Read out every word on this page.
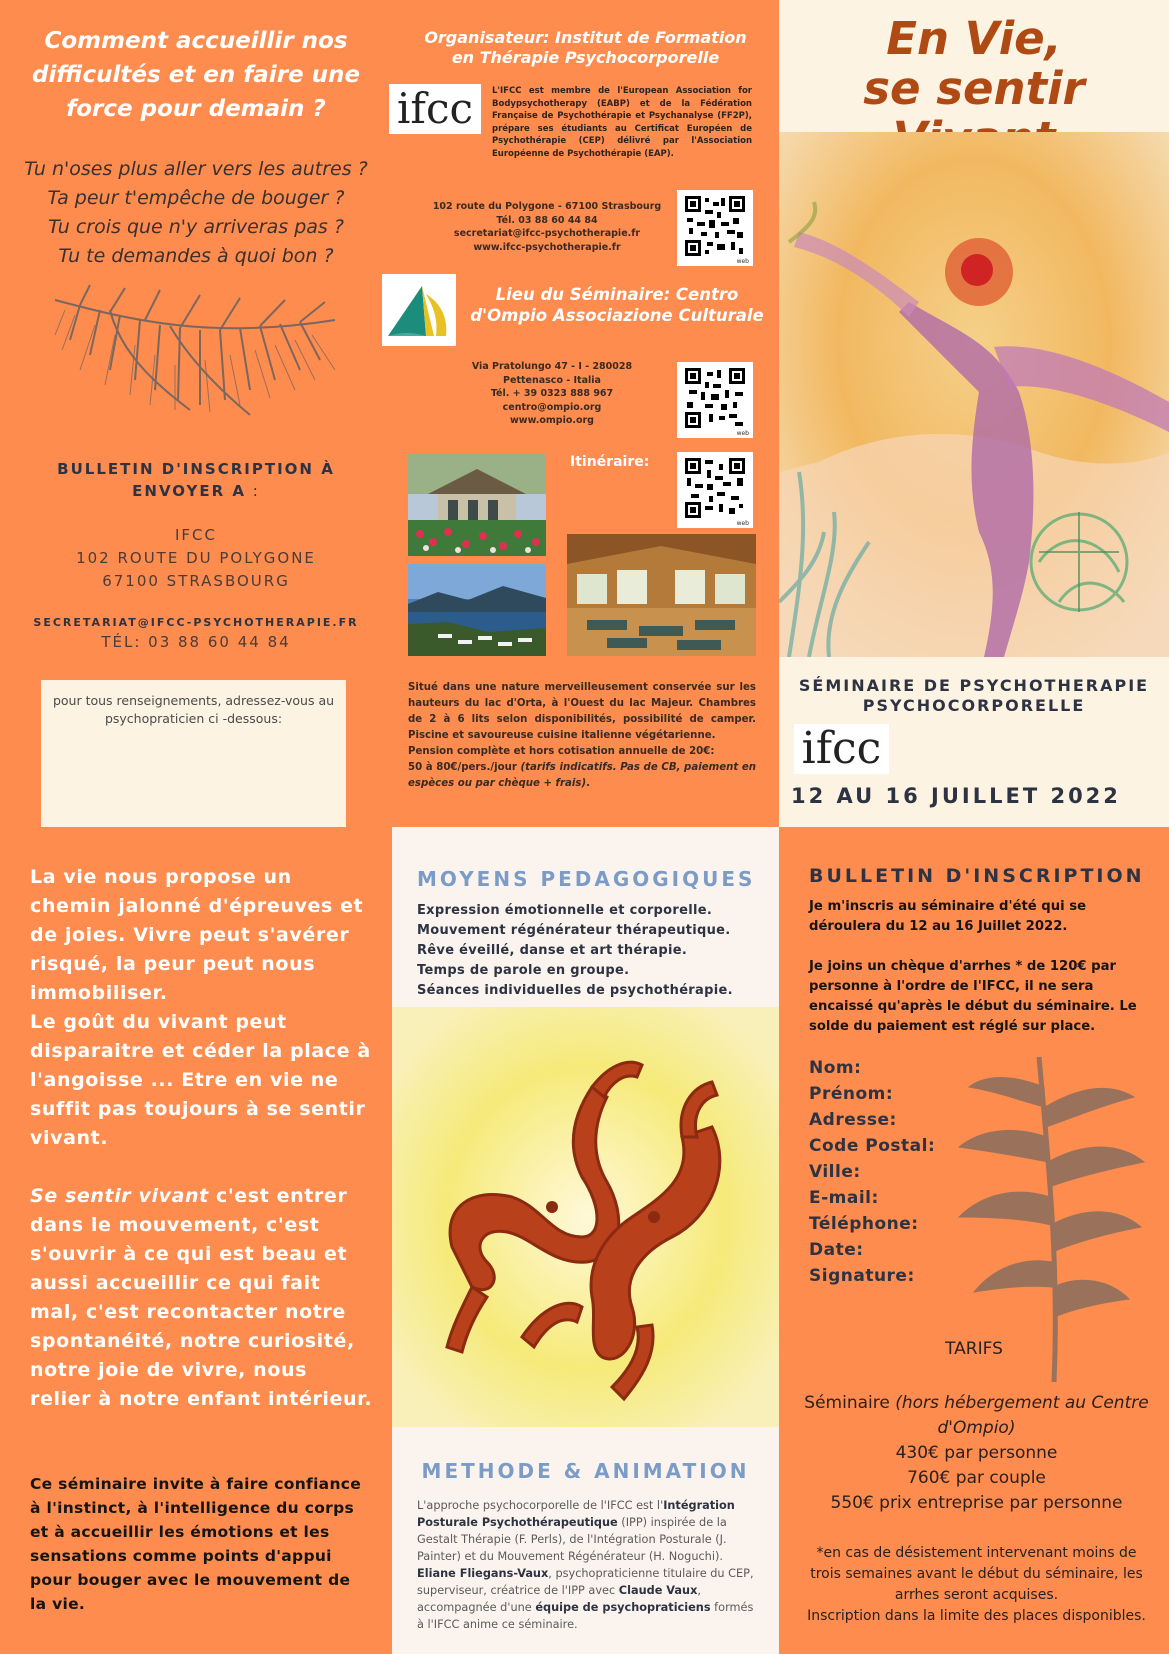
Comment accueillir nos
difficultés et en faire une
force pour demain ?
Tu n'oses plus aller vers les autres ?
Ta peur t'empêche de bouger ?
Tu crois que n'y arriveras pas ?
Tu te demandes à quoi bon ?
BULLETIN D'INSCRIPTION À
ENVOYER A :
IFCC
102 ROUTE DU POLYGONE
67100 STRASBOURG
SECRETARIAT@IFCC-PSYCHOTHERAPIE.FR
TÉL: 03 88 60 44 84
pour tous renseignements, adressez-vous au
psychopraticien ci -dessous:
Organisateur: Institut de Formation
en Thérapie Psychocorporelle
ifcc	L'IFCC est membre de l'European Association for Bodypsychotherapy (EABP) et de la Fédération Française de Psychothérapie et Psychanalyse (FF2P), prépare ses étudiants au Certificat Européen de Psychothérapie (CEP) délivré par l'Association Européenne de Psychothérapie (EAP).
102 route du Polygone - 67100 Strasbourg
Tél. 03 88 60 44 84
secretariat@ifcc-psychotherapie.fr
www.ifcc-psychotherapie.fr
web
Lieu du Séminaire: Centro
d'Ompio Associazione Culturale
Via Pratolungo 47 - I - 280028
Pettenasco - Italia
Tél. + 39 0323 888 967
centro@ompio.org
www.ompio.org
web
Itinéraire:
web
Situé dans une nature merveilleusement conservée sur les hauteurs du lac d'Orta, à l'Ouest du lac Majeur. Chambres de 2 à 6 lits selon disponibilités, possibilité de camper. Piscine et savoureuse cuisine italienne végétarienne.
Pension complète et hors cotisation annuelle de 20€:
50 à 80€/pers./jour (tarifs indicatifs. Pas de CB, paiement en espèces ou par chèque + frais).
En Vie,
se sentir
SÉMINAIRE DE PSYCHOTHERAPIE
PSYCHOCORPORELLE
ifcc
12 AU 16 JUILLET 2022
La vie nous propose un chemin jalonné d'épreuves et de joies. Vivre peut s'avérer risqué, la peur peut nous immobiliser.
Le goût du vivant peut disparaitre et céder la place à l'angoisse ... Etre en vie ne suffit pas toujours à se sentir vivant.
Se sentir vivant c'est entrer dans le mouvement, c'est s'ouvrir à ce qui est beau et aussi accueillir ce qui fait mal, c'est recontacter notre spontanéité, notre curiosité, notre joie de vivre, nous relier à notre enfant intérieur.
Ce séminaire invite à faire confiance à l'instinct, à l'intelligence du corps et à accueillir les émotions et les sensations comme points d'appui pour bouger avec le mouvement de la vie.
MOYENS PEDAGOGIQUES
Expression émotionnelle et corporelle.
Mouvement régénérateur thérapeutique.
Rêve éveillé, danse et art thérapie.
Temps de parole en groupe.
Séances individuelles de psychothérapie.
METHODE & ANIMATION
L'approche psychocorporelle de l'IFCC est l'Intégration Posturale Psychothérapeutique (IPP) inspirée de la Gestalt Thérapie (F. Perls), de l'Intégration Posturale (J. Painter) et du Mouvement Régénérateur (H. Noguchi). Eliane Fliegans-Vaux, psychopraticienne titulaire du CEP, superviseur, créatrice de l'IPP avec Claude Vaux, accompagnée d'une équipe de psychopraticiens formés à l'IFCC anime ce séminaire.
BULLETIN D'INSCRIPTION
Je m'inscris au séminaire d'été qui se déroulera du 12 au 16 Juillet 2022.
Je joins un chèque d'arrhes * de 120€ par personne à l'ordre de l'IFCC, il ne sera encaissé qu'après le début du séminaire. Le solde du paiement est réglé sur place.
Nom:
Prénom:
Adresse:
Code Postal:
Ville:
E-mail:
Téléphone:
Date:
Signature:
TARIFS
Séminaire (hors hébergement au Centre d'Ompio)
430€ par personne
760€ par couple
550€ prix entreprise par personne
*en cas de désistement intervenant moins de trois semaines avant le début du séminaire, les arrhes seront acquises.
Inscription dans la limite des places disponibles.
